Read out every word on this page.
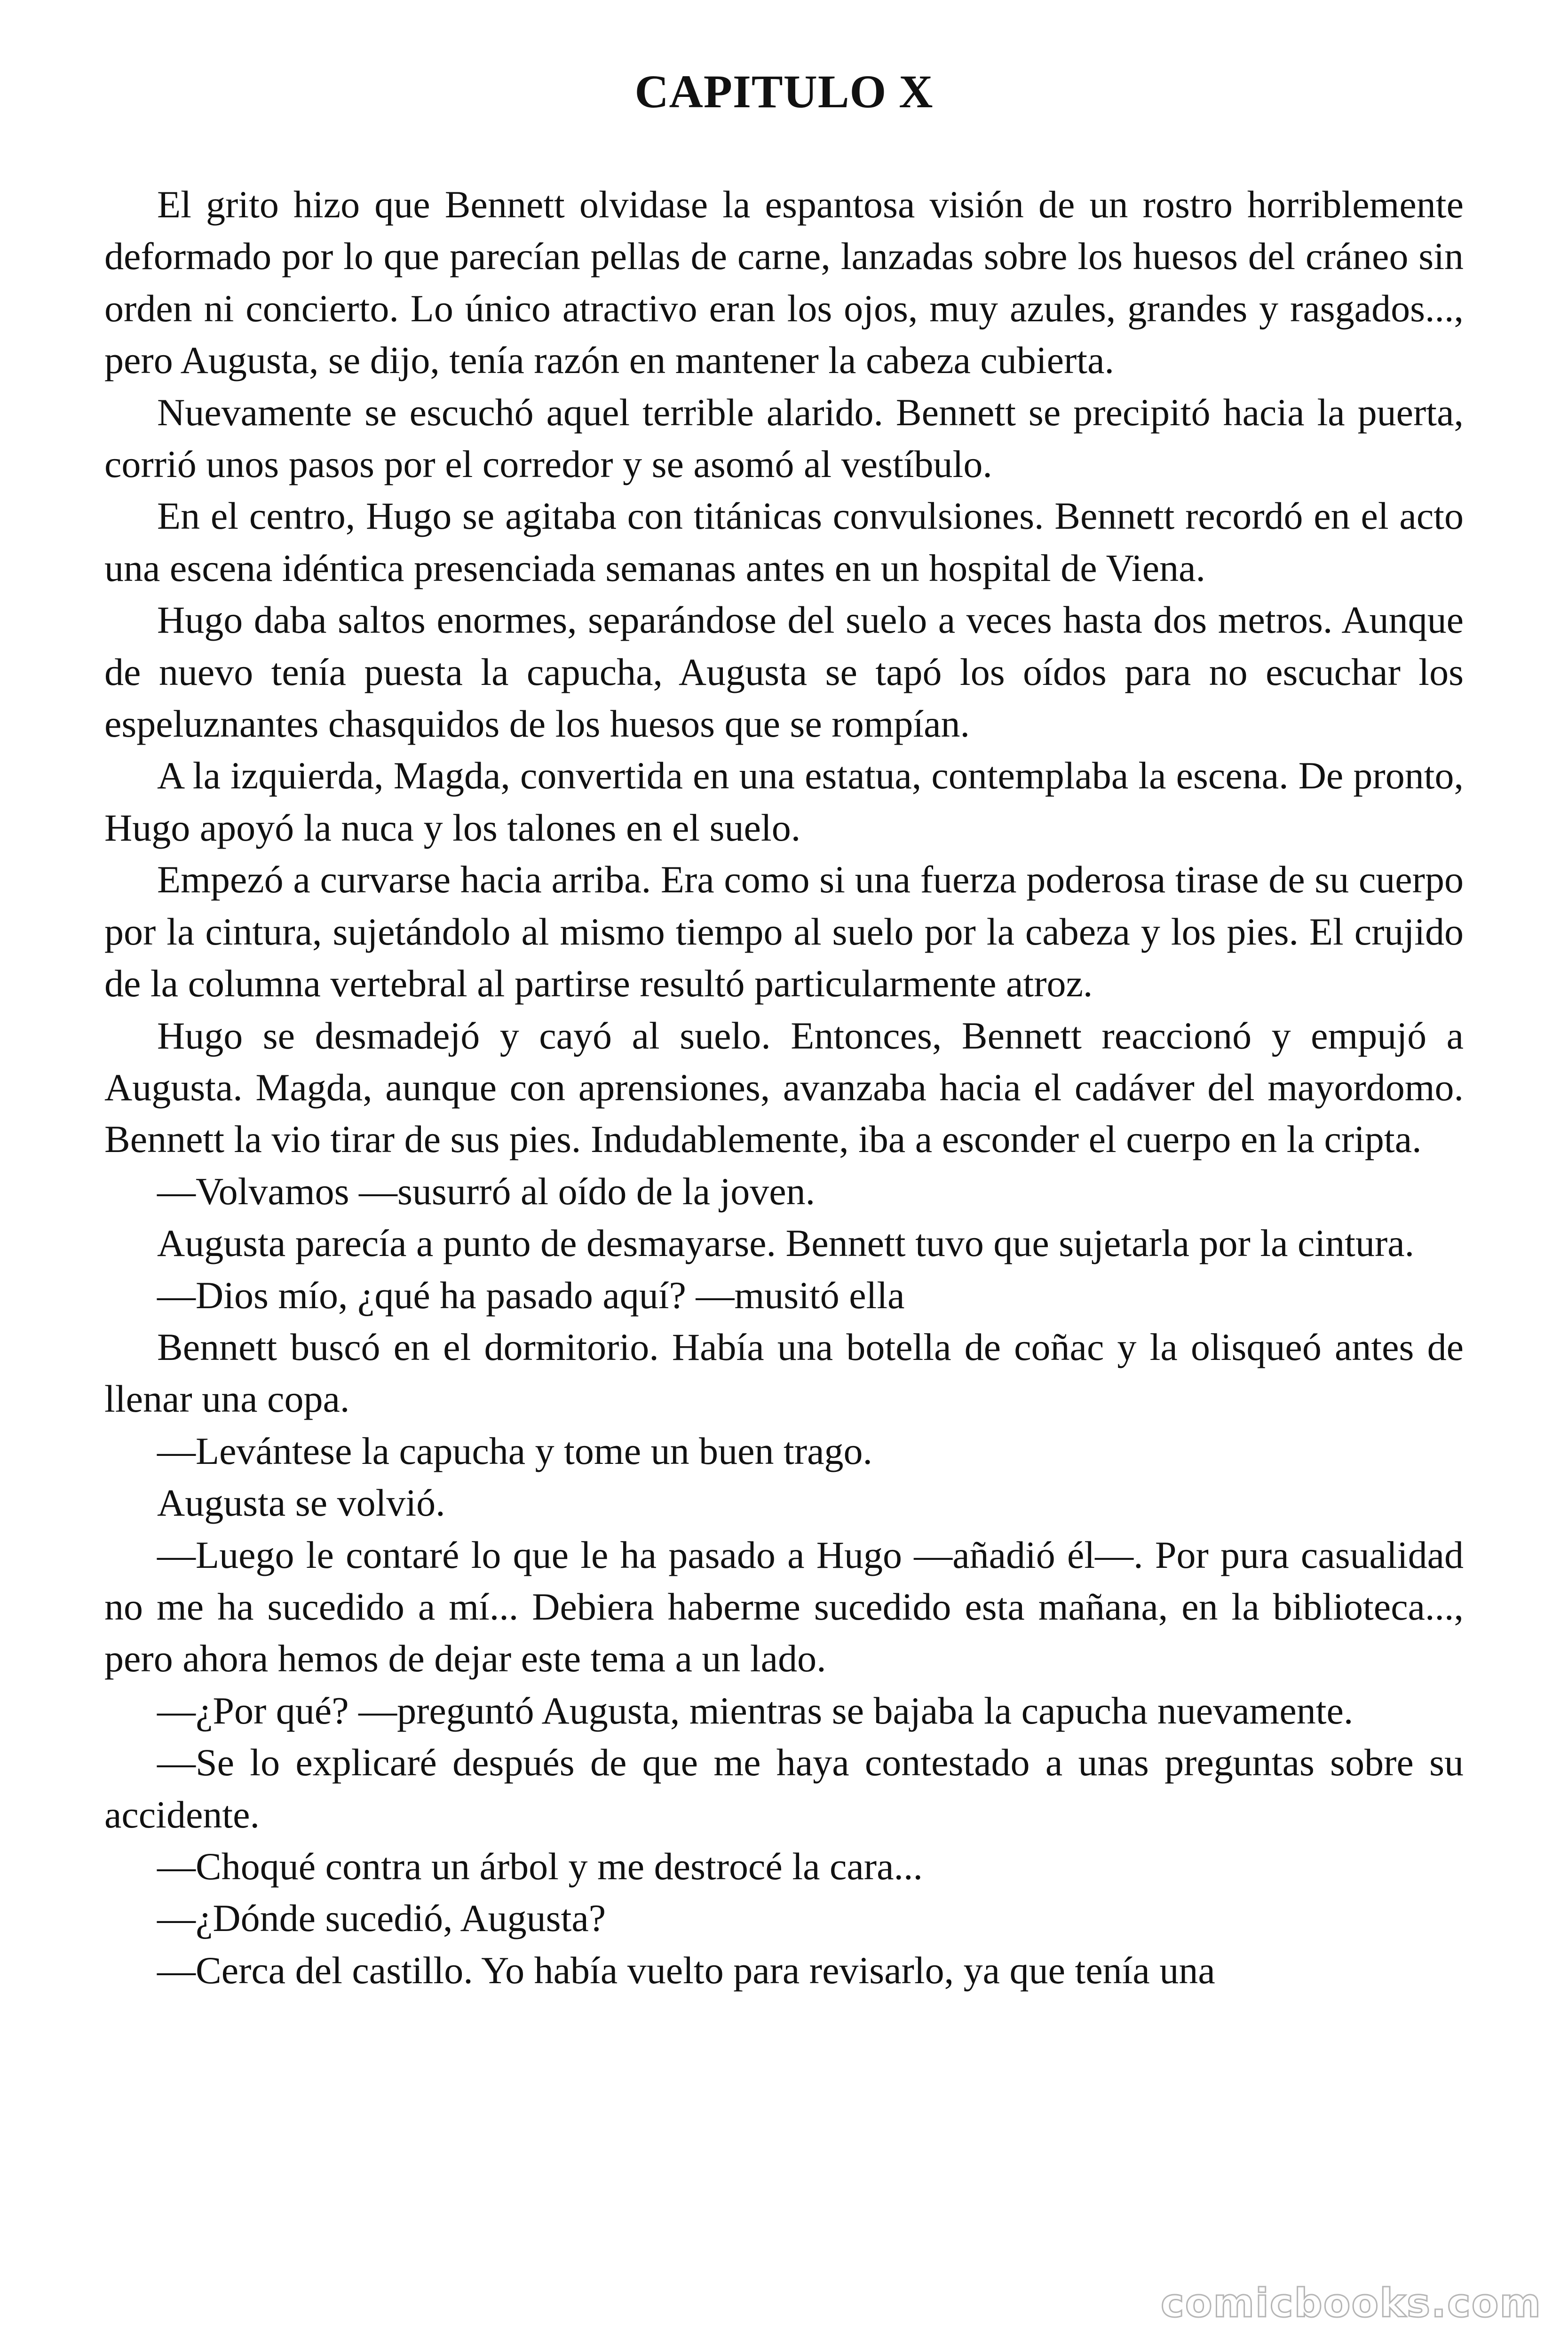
CAPITULO X

El grito hizo que Bennett olvidase la espantosa visión de un rostro horriblemente deformado por lo que parecían pellas de carne, lanzadas sobre los huesos del cráneo sin orden ni concierto. Lo único atractivo eran los ojos, muy azules, grandes y rasgados..., pero Augusta, se dijo, tenía razón en mantener la cabeza cubierta.

Nuevamente se escuchó aquel terrible alarido. Bennett se precipitó hacia la puerta, corrió unos pasos por el corredor y se asomó al vestíbulo.

En el centro, Hugo se agitaba con titánicas convulsiones. Bennett recordó en el acto una escena idéntica presenciada semanas antes en un hospital de Viena.

Hugo daba saltos enormes, separándose del suelo a veces hasta dos metros. Aunque de nuevo tenía puesta la capucha, Augusta se tapó los oídos para no escuchar los espeluznantes chasquidos de los huesos que se rompían.

A la izquierda, Magda, convertida en una estatua, contemplaba la escena. De pronto, Hugo apoyó la nuca y los talones en el suelo.

Empezó a curvarse hacia arriba. Era como si una fuerza poderosa tirase de su cuerpo por la cintura, sujetándolo al mismo tiempo al suelo por la cabeza y los pies. El crujido de la columna vertebral al partirse resultó particularmente atroz.

Hugo se desmadejó y cayó al suelo. Entonces, Bennett reaccionó y empujó a Augusta. Magda, aunque con aprensiones, avanzaba hacia el cadáver del mayordomo. Bennett la vio tirar de sus pies. Indudablemente, iba a esconder el cuerpo en la cripta.

—Volvamos —susurró al oído de la joven.

Augusta parecía a punto de desmayarse. Bennett tuvo que sujetarla por la cintura.

—Dios mío, ¿qué ha pasado aquí? —musitó ella

Bennett buscó en el dormitorio. Había una botella de coñac y la olisqueó antes de llenar una copa.

—Levántese la capucha y tome un buen trago.

Augusta se volvió.

—Luego le contaré lo que le ha pasado a Hugo —añadió él—. Por pura casualidad no me ha sucedido a mí... Debiera haberme sucedido esta mañana, en la biblioteca..., pero ahora hemos de dejar este tema a un lado.

—¿Por qué? —preguntó Augusta, mientras se bajaba la capucha nuevamente.

—Se lo explicaré después de que me haya contestado a unas preguntas sobre su accidente.

—Choqué contra un árbol y me destrocé la cara...

—¿Dónde sucedió, Augusta?

—Cerca del castillo. Yo había vuelto para revisarlo, ya que tenía una

comicbooks.com
